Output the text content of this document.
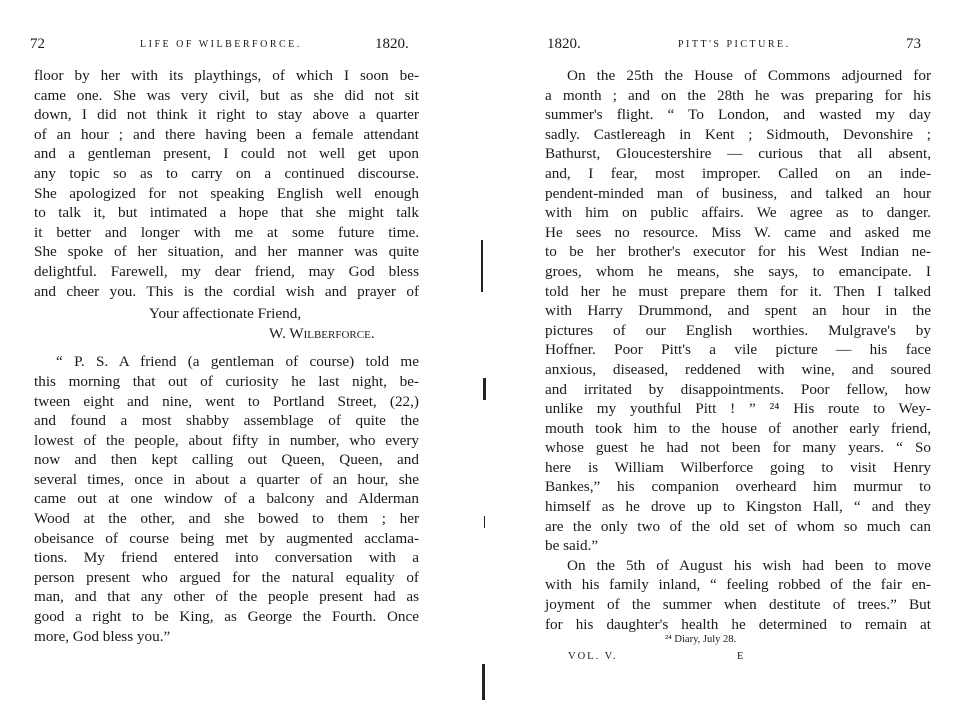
72	LIFE OF WILBERFORCE.	1820.
floor by her with its playthings, of which I soon be-
came one. She was very civil, but as she did not sit
down, I did not think it right to stay above a quarter
of an hour ; and there having been a female attendant
and a gentleman present, I could not well get upon
any topic so as to carry on a continued discourse.
She apologized for not speaking English well enough
to talk it, but intimated a hope that she might talk
it better and longer with me at some future time.
She spoke of her situation, and her manner was quite
delightful. Farewell, my dear friend, may God bless
and cheer you. This is the cordial wish and prayer of
Your affectionate Friend,
W. Wilberforce.
“ P. S. A friend (a gentleman of course) told me
this morning that out of curiosity he last night, be-
tween eight and nine, went to Portland Street, (22,)
and found a most shabby assemblage of quite the
lowest of the people, about fifty in number, who every
now and then kept calling out Queen, Queen, and
several times, once in about a quarter of an hour, she
came out at one window of a balcony and Alderman
Wood at the other, and she bowed to them ; her
obeisance of course being met by augmented acclama-
tions. My friend entered into conversation with a
person present who argued for the natural equality of
man, and that any other of the people present had as
good a right to be King, as George the Fourth. Once
more, God bless you.”
1820.	PITT'S PICTURE.	73
On the 25th the House of Commons adjourned for
a month ; and on the 28th he was preparing for his
summer's flight. “ To London, and wasted my day
sadly. Castlereagh in Kent ; Sidmouth, Devonshire ;
Bathurst, Gloucestershire — curious that all absent,
and, I fear, most improper. Called on an inde-
pendent-minded man of business, and talked an hour
with him on public affairs. We agree as to danger.
He sees no resource. Miss W. came and asked me
to be her brother's executor for his West Indian ne-
groes, whom he means, she says, to emancipate. I
told her he must prepare them for it. Then I talked
with Harry Drummond, and spent an hour in the
pictures of our English worthies. Mulgrave's by
Hoffner. Poor Pitt's a vile picture — his face
anxious, diseased, reddened with wine, and soured
and irritated by disappointments. Poor fellow, how
unlike my youthful Pitt ! ” ²⁴ His route to Wey-
mouth took him to the house of another early friend,
whose guest he had not been for many years. “ So
here is William Wilberforce going to visit Henry
Bankes,” his companion overheard him murmur to
himself as he drove up to Kingston Hall, “ and they
are the only two of the old set of whom so much can
be said.”
On the 5th of August his wish had been to move
with his family inland, “ feeling robbed of the fair en-
joyment of the summer when destitute of trees.” But
for his daughter's health he determined to remain at
²⁴ Diary, July 28.
VOL. V.	E
